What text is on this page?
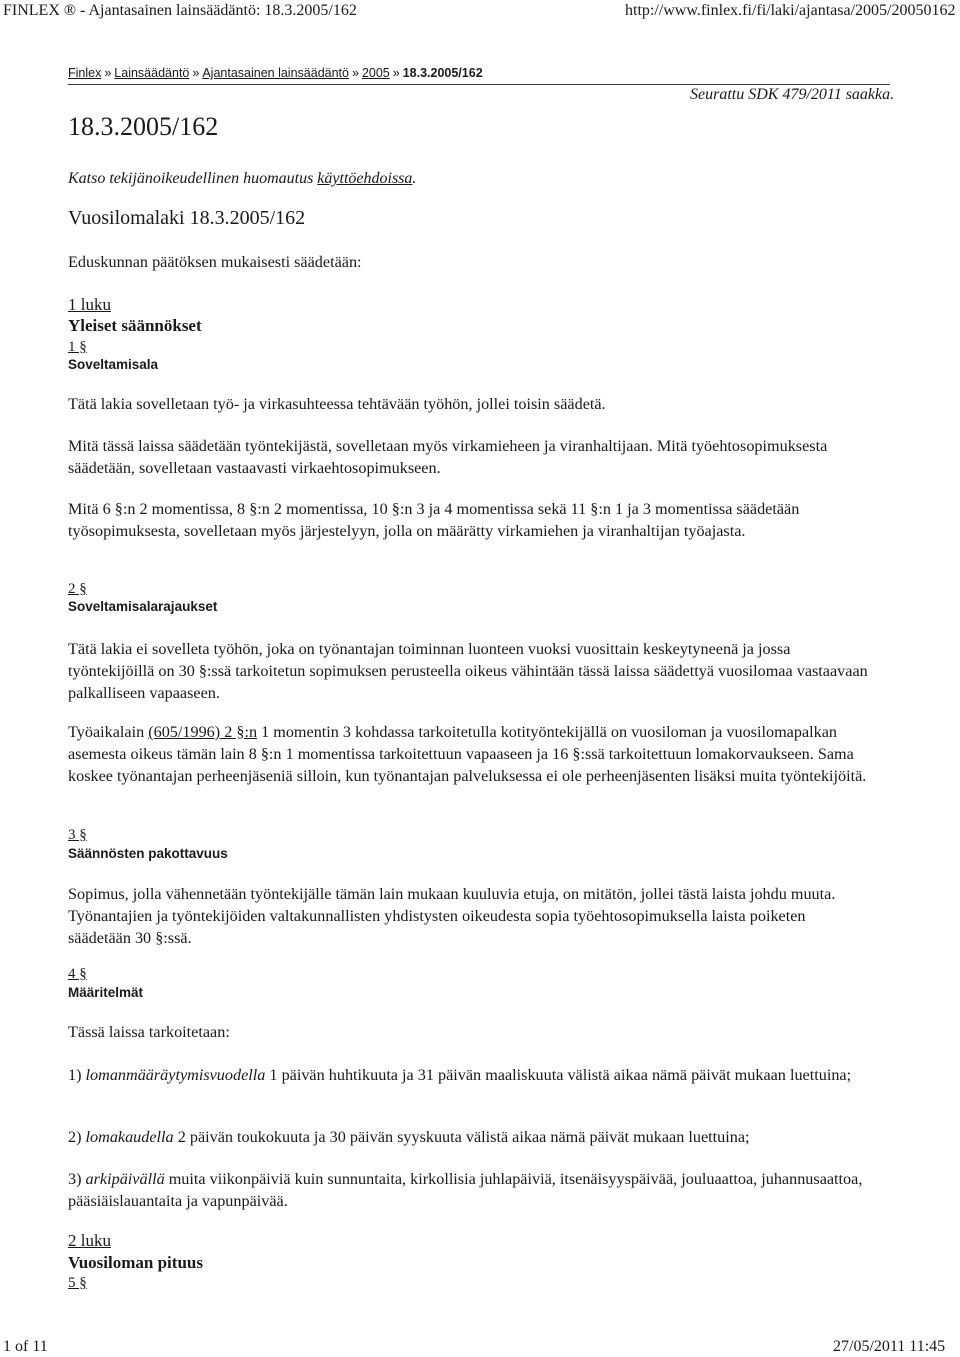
FINLEX ® - Ajantasainen lainsäädäntö: 18.3.2005/162	http://www.finlex.fi/fi/laki/ajantasa/2005/20050162
Finlex » Lainsäädäntö » Ajantasainen lainsäädäntö » 2005 » 18.3.2005/162
Seurattu SDK 479/2011 saakka.
18.3.2005/162
Katso tekijänoikeudellinen huomautus käyttöehdoissa.
Vuosilomalaki 18.3.2005/162
Eduskunnan päätöksen mukaisesti säädetään:
1 luku
Yleiset säännökset
1 §
Soveltamisala
Tätä lakia sovelletaan työ- ja virkasuhteessa tehtävään työhön, jollei toisin säädetä.
Mitä tässä laissa säädetään työntekijästä, sovelletaan myös virkamieheen ja viranhaltijaan. Mitä työehtosopimuksesta säädetään, sovelletaan vastaavasti virkaehtosopimukseen.
Mitä 6 §:n 2 momentissa, 8 §:n 2 momentissa, 10 §:n 3 ja 4 momentissa sekä 11 §:n 1 ja 3 momentissa säädetään työsopimuksesta, sovelletaan myös järjestelyyn, jolla on määrätty virkamiehen ja viranhaltijan työajasta.
2 §
Soveltamisalarajaukset
Tätä lakia ei sovelleta työhön, joka on työnantajan toiminnan luonteen vuoksi vuosittain keskeytyneenä ja jossa työntekijöillä on 30 §:ssä tarkoitetun sopimuksen perusteella oikeus vähintään tässä laissa säädettyä vuosilomaa vastaavaan palkalliseen vapaaseen.
Työaikalain (605/1996) 2 §:n 1 momentin 3 kohdassa tarkoitetulla kotityöntekijällä on vuosiloman ja vuosilomapalkan asemesta oikeus tämän lain 8 §:n 1 momentissa tarkoitettuun vapaaseen ja 16 §:ssä tarkoitettuun lomakorvaukseen. Sama koskee työnantajan perheenjäseniä silloin, kun työnantajan palveluksessa ei ole perheenjäsenten lisäksi muita työntekijöitä.
3 §
Säännösten pakottavuus
Sopimus, jolla vähennetään työntekijälle tämän lain mukaan kuuluvia etuja, on mitätön, jollei tästä laista johdu muuta. Työnantajien ja työntekijöiden valtakunnallisten yhdistysten oikeudesta sopia työehtosopimuksella laista poiketen säädetään 30 §:ssä.
4 §
Määritelmät
Tässä laissa tarkoitetaan:
1) lomanmääräytymisvuodella 1 päivän huhtikuuta ja 31 päivän maaliskuuta välistä aikaa nämä päivät mukaan luettuina;
2) lomakaudella 2 päivän toukokuuta ja 30 päivän syyskuuta välistä aikaa nämä päivät mukaan luettuina;
3) arkipäivällä muita viikonpäiviä kuin sunnuntaita, kirkollisia juhlapäiviä, itsenäisyyspäivää, jouluaattoa, juhannusaattoa, pääsiäislauantaita ja vapunpäivää.
2 luku
Vuosiloman pituus
5 §
1 of 11	27/05/2011 11:45
